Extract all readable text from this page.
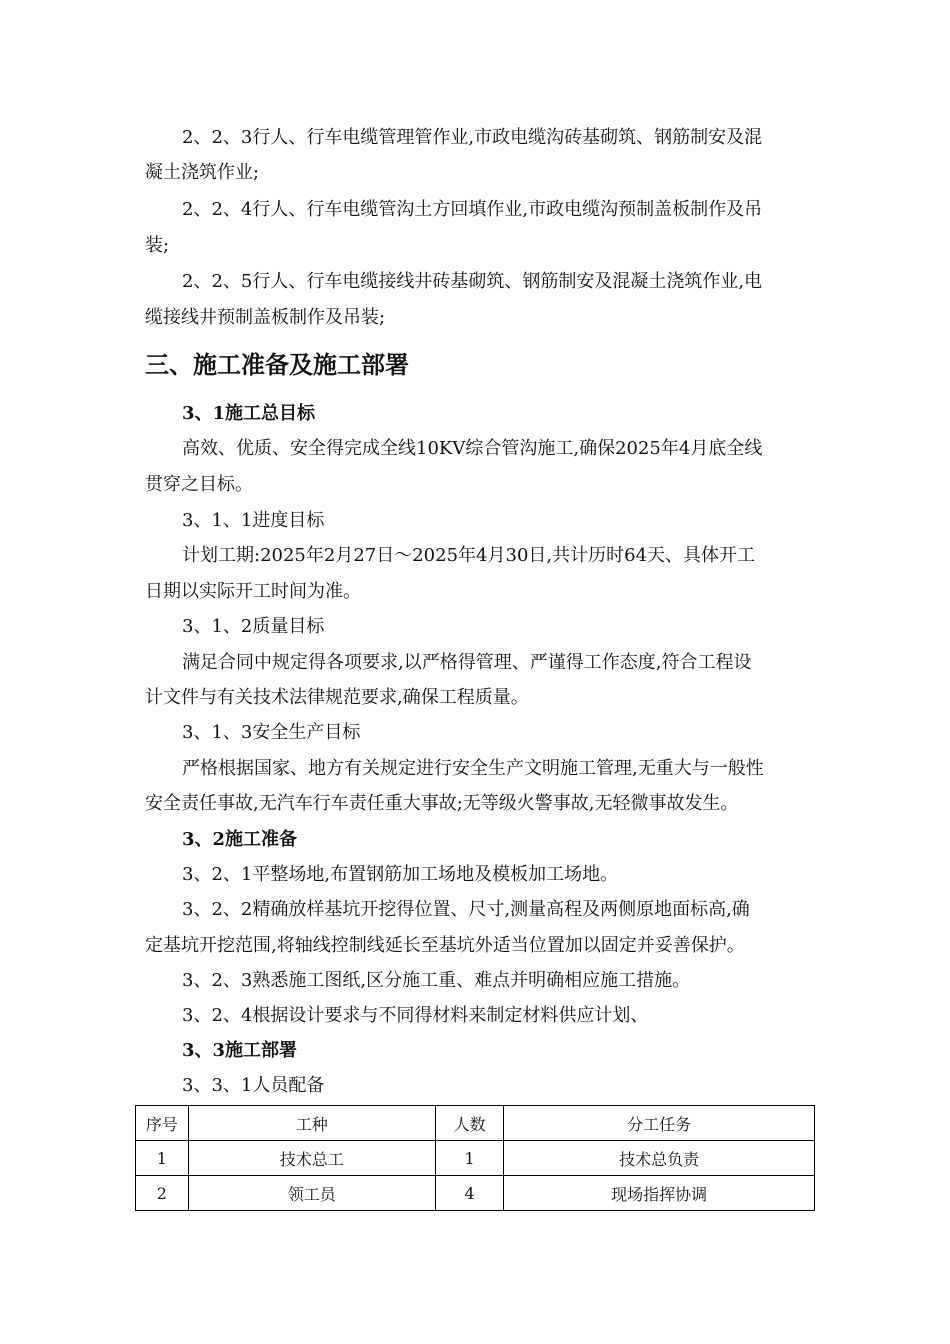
2、2、3行人、行车电缆管理管作业,市政电缆沟砖基砌筑、钢筋制安及混
凝土浇筑作业;
2、2、4行人、行车电缆管沟土方回填作业,市政电缆沟预制盖板制作及吊
装;
2、2、5行人、行车电缆接线井砖基砌筑、钢筋制安及混凝土浇筑作业,电
缆接线井预制盖板制作及吊装;
三、施工准备及施工部署
3、1施工总目标
高效、优质、安全得完成全线10KV综合管沟施工,确保2025年4月底全线
贯穿之目标。
3、1、1进度目标
计划工期:2025年2月27日～2025年4月30日,共计历时64天、具体开工
日期以实际开工时间为准。
3、1、2质量目标
满足合同中规定得各项要求,以严格得管理、严谨得工作态度,符合工程设
计文件与有关技术法律规范要求,确保工程质量。
3、1、3安全生产目标
严格根据国家、地方有关规定进行安全生产文明施工管理,无重大与一般性
安全责任事故,无汽车行车责任重大事故;无等级火警事故,无轻微事故发生。
3、2施工准备
3、2、1平整场地,布置钢筋加工场地及模板加工场地。
3、2、2精确放样基坑开挖得位置、尺寸,测量高程及两侧原地面标高,确
定基坑开挖范围,将轴线控制线延长至基坑外适当位置加以固定并妥善保护。
3、2、3熟悉施工图纸,区分施工重、难点并明确相应施工措施。
3、2、4根据设计要求与不同得材料来制定材料供应计划、
3、3施工部署
3、3、1人员配备
序号	工种	人数	分工任务
1	技术总工	1	技术总负责
2	领工员	4	现场指挥协调
